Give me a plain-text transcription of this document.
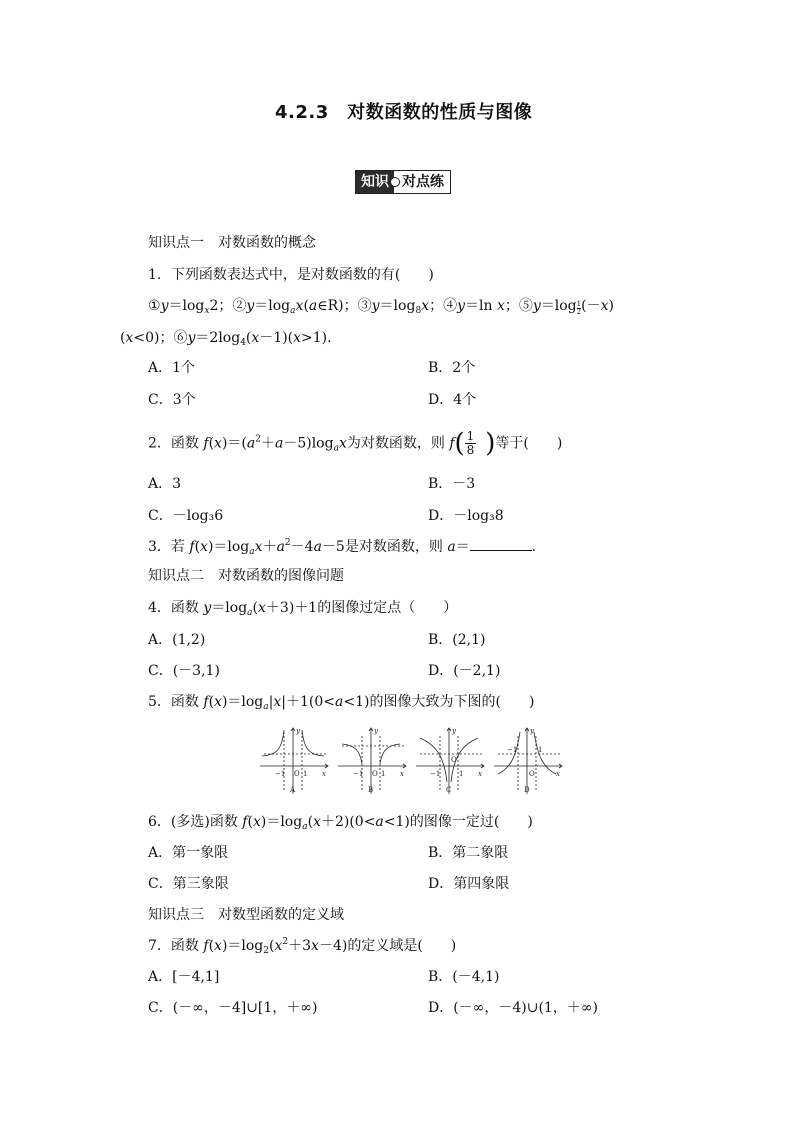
4.2.3　对数函数的性质与图像
知识 对点练
知识点一　对数函数的概念
1．下列函数表达式中，是对数函数的有(　　)
$①y=\log_x2$；$②y=\log_ax(a\in R)$；$③y=\log_8x$；④y＝ln x；⑤y＝log $\frac{1}{2} (-x)$
(x<0)；$⑥y=2\log_4(x-1)(x>1)$.
A．1个	B．2个
C．3个	D．4个
2．函数 $f(x)=(a^2+a-5)\log_ax$为对数函数，则 $f( \frac{1}{8}$ )等于(　　)
A．3	B．－3
C．－log₃6	D．－log₃8
3．若 $f(x)=\log_ax+a^2-4a-5$是对数函数，则 a＝	.
知识点二　对数函数的图像问题
4．函数 $y=\log_a(x+3)+1$的图像过定点（　　）
A．(1,2)	B．(2,1)
C．(－3,1)	D．(－2,1)
5．函数 $f(x)=\log_a|x|+1(0<a<1)$的图像大致为下图的(　　)
y
x
−1 O 1
A
y
x
−1 O 1
B
y
x
−1
O
1
C
y
x
−1
O
1
D
6．(多选)函数 $f(x)=\log_a(x+2)(0<a<1)$的图像一定过(　　)
A．第一象限	B．第二象限
C．第三象限	D．第四象限
知识点三　对数型函数的定义域
7．函数 $f(x)=\log_2(x^2+3x-4)$的定义域是(　　)
A．[－4,1]	B．(－4,1)
C．(－∞，－4]∪[1，＋∞)	D．(－∞，－4)∪(1，＋∞)
